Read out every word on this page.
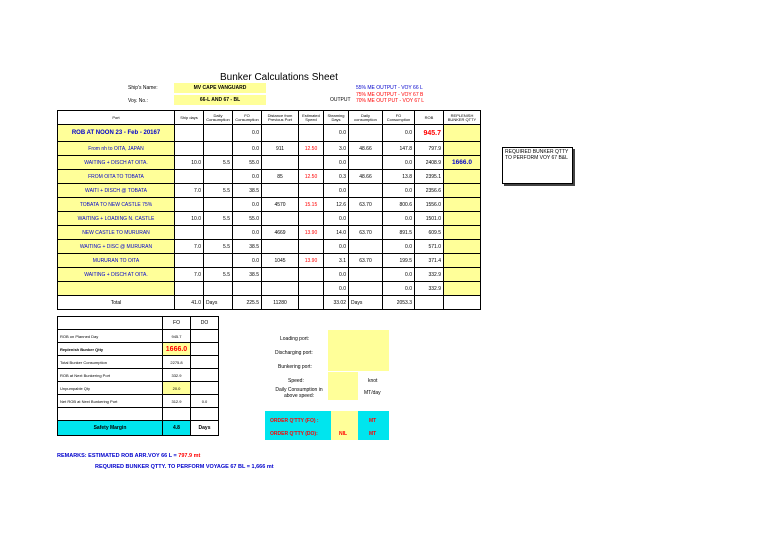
Bunker Calculations Sheet
Ship's Name:	MV CAPE VANGUARD
Voy. No.:	66-L AND 67 - BL	OUTPUT
55% ME OUTPUT - VOY 66 L
75% ME OUTPUT - VOY 67 B
70% ME OUT PUT - VOY 67 L
Port	Ship days	Daily Consumption	FO Consumption	Distance from Previous Port	Estimated Speed	Steaming Days	Daily consumption	FO Consumption	ROB	REPLENISH BUNKER QTTY
ROB AT NOON 23 - Feb - 20167			0.0			0.0		0.0	945.7	
From nh to OITA, JAPAN			0.0	911	12.50	3.0	48.66	147.8	797.9	
WAITING + DISCH AT OITA.	10.0	5.5	55.0			0.0		0.0	2408.9	1666.0
FROM OITA TO TOBATA			0.0	85	12.50	0.3	48.66	13.8	2395.1	
WAITI + DISCH @ TOBATA	7.0	5.5	38.5			0.0		0.0	2356.6	
TOBATA TO NEW CASTLE 75%			0.0	4570	15.15	12.6	63.70	800.6	1556.0	
WAITING + LOADING N. CASTLE	10.0	5.5	55.0			0.0		0.0	1501.0	
NEW CASTLE TO MURURAN			0.0	4669	13.90	14.0	63.70	891.5	609.5	
WAITING + DISC @ MURURAN	7.0	5.5	38.5			0.0		0.0	571.0	
MURURAN TO OITA			0.0	1045	13.90	3.1	63.70	199.5	371.4	
WAITING + DISCH AT OITA.	7.0	5.5	38.5			0.0		0.0	332.9	
						0.0		0.0	332.9	
Total	41.0	Days	225.5	11280		33.02	Days	2053.3		
REQUIRED BUNKER QTTY TO PERFORM VOY 67 B&L
	FO	DO
ROB on Planned Day	945.7	
Replenish Bunker Qtty	1666.0	
Total Bunker Consumption	2275.8	
ROB at Next Bunkering Port	332.9	
Unpumpable Qty	20.0	
Net ROB at Next Bunkering Port	312.9	0.0

Safety Margin	4.8	Days
Loading port:
Discharging port:
Bunkering port:
Speed:	knot
Daily Consumption in above speed:	MT/day
ORDER Q'TTY (FO) :	MT
ORDER Q'TTY (DO):	NIL	MT
REMARKS: ESTIMATED ROB ARR.VOY 66 L = 797.9 mt
REQUIRED BUNKER QTTY. TO PERFORM VOYAGE 67 BL = 1,666 mt
